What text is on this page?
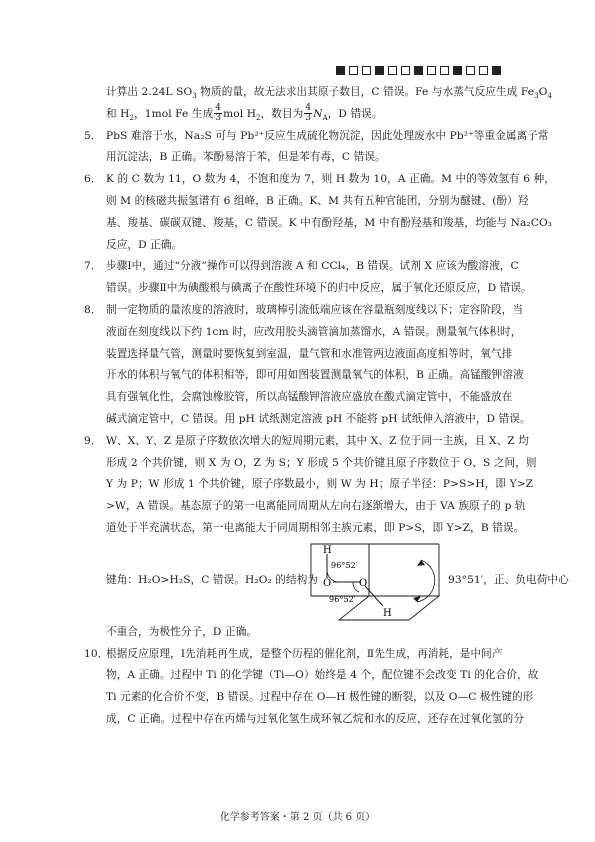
计算出 2.24L $SO_3$ 物质的量，故无法求出其原子数目，C 错误。Fe 与水蒸气反应生成 $Fe_3O_4$
和 $H_2$，1mol Fe 生成 $\frac{4}{3}$ mol $H_2$，数目为 $\frac{4}{3} N_A$，D 错误。
5． PbS 难溶于水，Na₂S 可与 Pb²⁺反应生成硫化物沉淀，因此处理废水中 Pb²⁺等重金属离子常
用沉淀法，B 正确。苯酚易溶于苯，但是苯有毒，C 错误。
6． K 的 C 数为 11，O 数为 4，不饱和度为 7，则 H 数为 10，A 正确。M 中的等效氢有 6 种，
则 M 的核磁共振氢谱有 6 组峰，B 正确。K、M 共有五种官能团，分别为醚键、(酚）羟
基、羧基、碳碳双键、羧基，C 错误。K 中有酚羟基，M 中有酚羟基和羧基，均能与 Na₂CO₃
反应，D 正确。
7． 步骤Ⅰ中，通过“分液”操作可以得到溶液 A 和 CCl₄，B 错误。试剂 X 应该为酸溶液，C
错误。步骤Ⅱ中为碘酸根与碘离子在酸性环境下的归中反应，属于氧化还原反应，D 错误。
8． 制一定物质的量浓度的溶液时，玻璃棒引流低端应该在容量瓶刻度线以下；定容阶段，当
液面在刻度线以下约 1cm 时，应改用胶头滴管滴加蒸馏水，A 错误。测量氧气体积时，
装置选择量气管，测量时要恢复到室温，量气管和水准管两边液面高度相等时，氧气排
开水的体积与氧气的体积相等，即可用如图装置测量氧气的体积，B 正确。高锰酸钾溶液
具有强氧化性，会腐蚀橡胶管，所以高锰酸钾溶液应盛放在酸式滴定管中，不能盛放在
碱式滴定管中，C 错误。用 pH 试纸测定溶液 pH 不能将 pH 试纸伸入溶液中，D 错误。
9． W、X、Y、Z 是原子序数依次增大的短周期元素，其中 X、Z 位于同一主族，且 X、Z 均
形成 2 个共价键，则 X 为 O，Z 为 S；Y 形成 5 个共价键且原子序数位于 O、S 之间，则
Y 为 P；W 形成 1 个共价键，原子序数最小，则 W 为 H；原子半径：P>S>H，即 Y>Z
>W，A 错误。基态原子的第一电离能同周期从左向右逐渐增大，由于 VA 族原子的 p 轨
道处于半充满状态，第一电离能大于同周期相邻主族元素，即 P>S，即 Y>Z，B 错误。
键角：H₂O>H₂S，C 错误。H₂O₂ 的结构为
H
O	O
H
96°52′
96°52′
93°51′，正、负电荷中心
不重合，为极性分子，D 正确。
10．根据反应原理，Ⅰ先消耗再生成，是整个历程的催化剂，Ⅱ先生成，再消耗，是中间产
物，A 正确。过程中 Ti 的化学键（Ti—O）始终是 4 个，配位键不会改变 Ti 的化合价，故
Ti 元素的化合价不变，B 错误。过程中存在 O—H 极性键的断裂，以及 O—C 极性键的形
成，C 正确。过程中存在丙烯与过氧化氢生成环氧乙烷和水的反应，还存在过氧化氢的分
化学参考答案・第 2 页（共 6 页）
